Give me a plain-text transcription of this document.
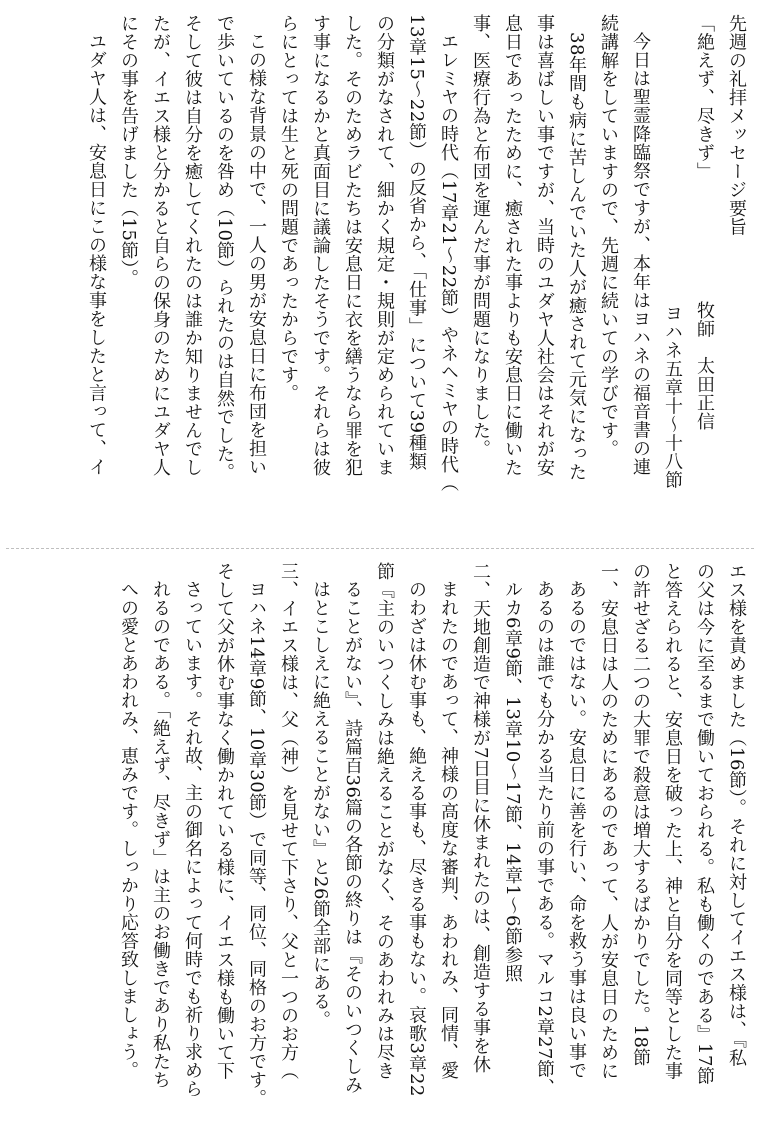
先週の礼拝メッセージ要旨
「絶えず、尽きず」牧師　太田正信
ヨハネ五章十～十八節
今日は聖霊降臨祭ですが、本年はヨハネの福音書の連
続講解をしていますので、先週に続いての学びです。
38年間も病に苦しんでいた人が癒されて元気になった
事は喜ばしい事ですが、当時のユダヤ人社会はそれが安
息日であったために、癒された事よりも安息日に働いた
事、医療行為と布団を運んだ事が問題になりました。
エレミヤの時代（17章21～22節）やネヘミヤの時代（
13章15～22節）の反省から、「仕事」について39種類
の分類がなされて、細かく規定・規則が定められていま
した。そのためラビたちは安息日に衣を繕うなら罪を犯
す事になるかと真面目に議論したそうです。それらは彼
らにとっては生と死の問題であったからです。
この様な背景の中で、一人の男が安息日に布団を担い
で歩いているのを咎め（10節）られたのは自然でした。
そして彼は自分を癒してくれたのは誰か知りませんでし
たが、イエス様と分かると自らの保身のためにユダヤ人
にその事を告げました（15節）。
ユダヤ人は、安息日にこの様な事をしたと言って、イ
エス様を責めました（16節）。それに対してイエス様は、『私
の父は今に至るまで働いておられる。私も働くのである』17節
と答えられると、安息日を破った上、神と自分を同等とした事
の許せざる二つの大罪で殺意は増大するばかりでした。18節
一、安息日は人のためにあるのであって、人が安息日のために
あるのではない。安息日に善を行い、命を救う事は良い事で
あるのは誰でも分かる当たり前の事である。マルコ2章27節、
ルカ6章9節、13章10～17節、14章1～6節参照
二、天地創造で神様が7日目に休まれたのは、創造する事を休
まれたのであって、神様の高度な審判、あわれみ、同情、愛
のわざは休む事も、絶える事も、尽きる事もない。哀歌3章22
節『主のいつくしみは絶えることがなく、そのあわれみは尽き
ることがない』、詩篇百36篇の各節の終りは『そのいつくしみ
はとこしえに絶えることがない』と26節全部にある。
三、イエス様は、父（神）を見せて下さり、父と一つのお方（
ヨハネ14章9節、10章30節）で同等、同位、同格のお方です。
そして父が休む事なく働かれている様に、イエス様も働いて下
さっています。それ故、主の御名によって何時でも祈り求めら
れるのである。「絶えず、尽きず」は主のお働きであり私たち
への愛とあわれみ、恵みです。しっかり応答致しましょう。
